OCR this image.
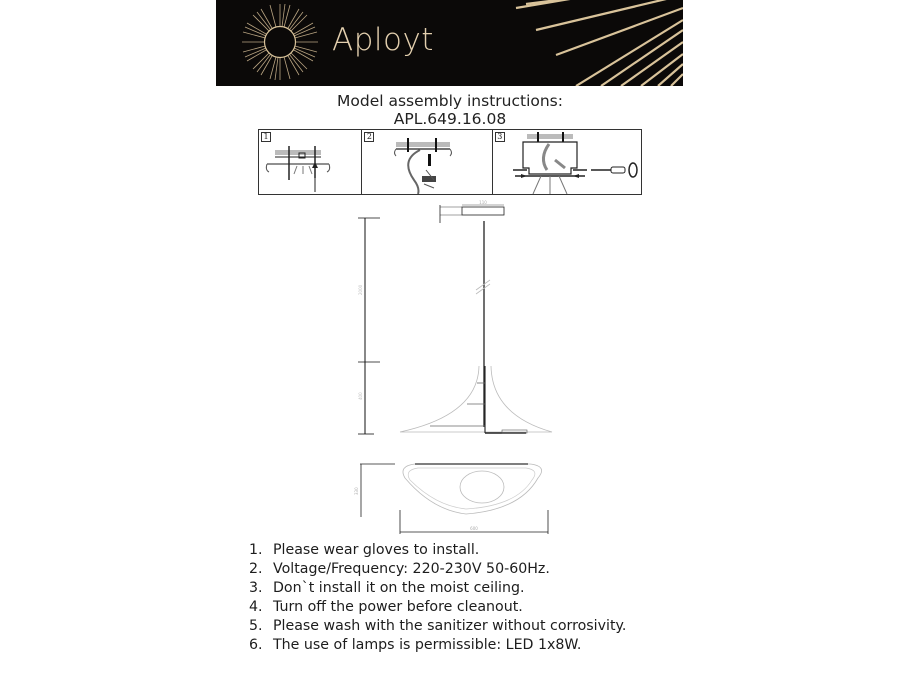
Aployt
Model assembly instructions:
APL.649.16.08
1	2	3
110
2000
400
330
600
1. Please wear gloves to install.
2. Voltage/Frequency: 220-230V 50-60Hz.
3. Don`t install it on the moist ceiling.
4. Turn off the power before cleanout.
5. Please wash with the sanitizer without corrosivity.
6. The use of lamps is permissible: LED 1x8W.
